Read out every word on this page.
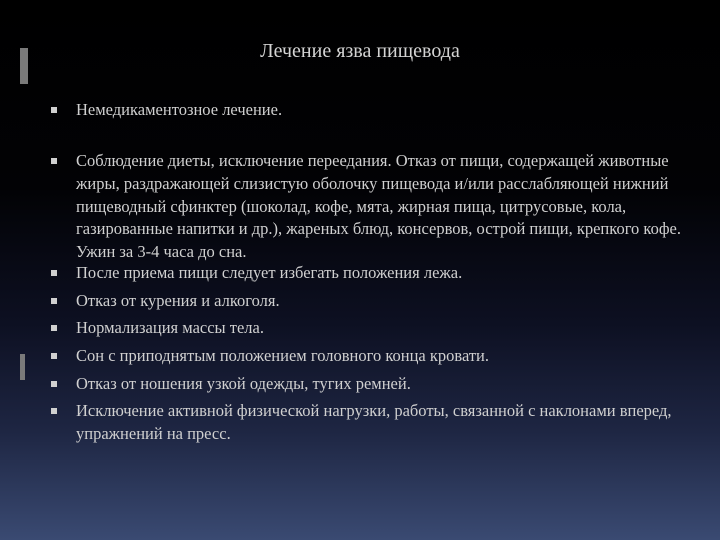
Лечение язва пищевода
Немедикаментозное лечение.
Соблюдение диеты, исключение переедания. Отказ от пищи, содержащей животные жиры, раздражающей слизистую оболочку пищевода и/или расслабляющей нижний пищеводный сфинктер (шоколад, кофе, мята, жирная пища, цитрусовые, кола, газированные напитки и др.), жареных блюд, консервов, острой пищи, крепкого кофе. Ужин за 3-4 часа до сна.
После приема пищи следует избегать положения лежа.
Отказ от курения и алкоголя.
Нормализация массы тела.
Сон с приподнятым положением головного конца кровати.
Отказ от ношения узкой одежды, тугих ремней.
Исключение активной физической нагрузки, работы, связанной с наклонами вперед, упражнений на пресс.
